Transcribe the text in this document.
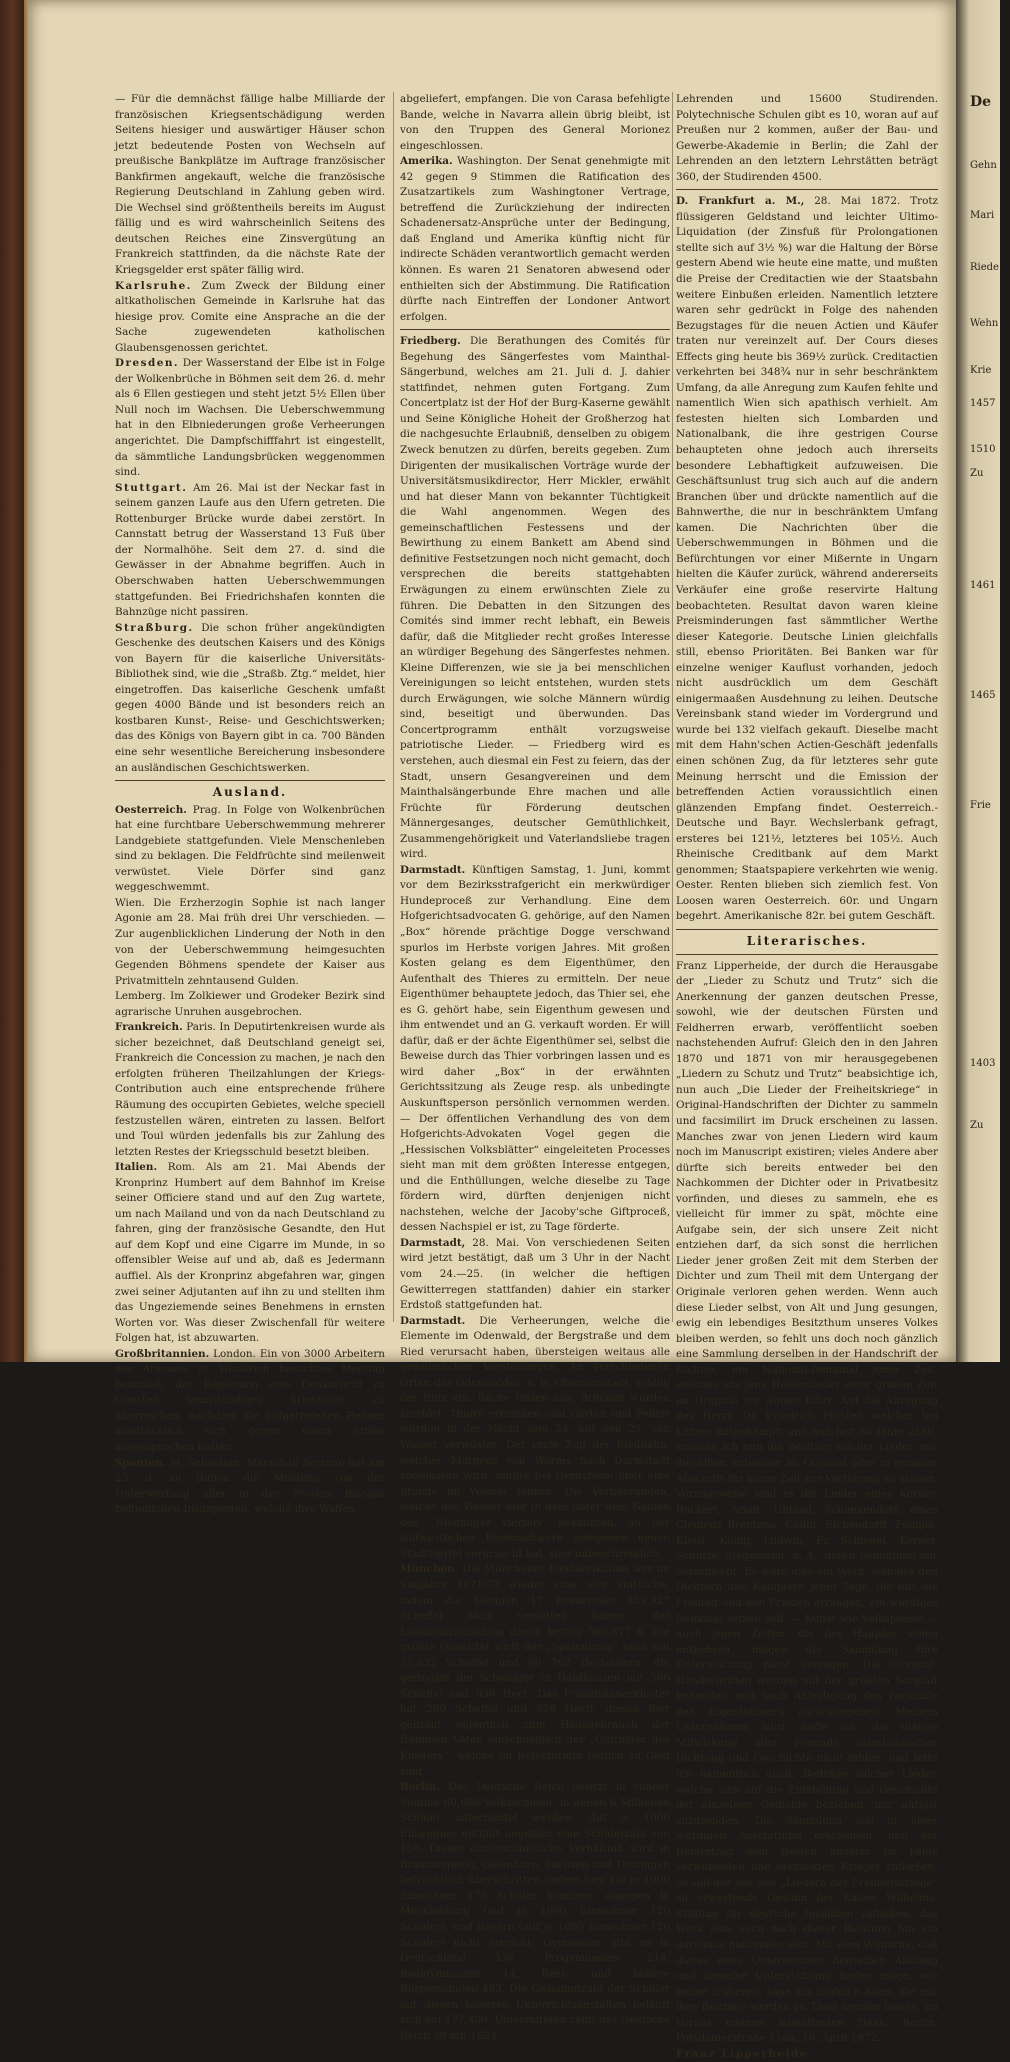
— Für die demnächst fällige halbe Milliarde der französischen Kriegsentschädigung werden Seitens hiesiger und auswärtiger Häuser schon jetzt bedeutende Posten von Wechseln auf preußische Bankplätze im Auftrage französischer Bankfirmen angekauft, welche die französische Regierung Deutschland in Zahlung geben wird. Die Wechsel sind größtentheils bereits im August fällig und es wird wahrscheinlich Seitens des deutschen Reiches eine Zinsvergütung an Frankreich stattfinden, da die nächste Rate der Kriegsgelder erst später fällig wird.

Karlsruhe. Zum Zweck der Bildung einer altkatholischen Gemeinde in Karlsruhe hat das hiesige prov. Comite eine Ansprache an die der Sache zugewendeten katholischen Glaubensgenossen gerichtet.

Dresden. Der Wasserstand der Elbe ist in Folge der Wolkenbrüche in Böhmen seit dem 26. d. mehr als 6 Ellen gestiegen und steht jetzt 5½ Ellen über Null noch im Wachsen. Die Ueberschwemmung hat in den Elbniederungen große Verheerungen angerichtet. Die Dampfschifffahrt ist eingestellt, da sämmtliche Landungsbrücken weggenommen sind.

Stuttgart. Am 26. Mai ist der Neckar fast in seinem ganzen Laufe aus den Ufern getreten. Die Rottenburger Brücke wurde dabei zerstört. In Cannstatt betrug der Wasserstand 13 Fuß über der Normalhöhe. Seit dem 27. d. sind die Gewässer in der Abnahme begriffen. Auch in Oberschwaben hatten Ueberschwemmungen stattgefunden. Bei Friedrichshafen konnten die Bahnzüge nicht passiren.

Straßburg. Die schon früher angekündigten Geschenke des deutschen Kaisers und des Königs von Bayern für die kaiserliche Universitäts-Bibliothek sind, wie die „Straßb. Ztg.“ meldet, hier eingetroffen. Das kaiserliche Geschenk umfaßt gegen 4000 Bände und ist besonders reich an kostbaren Kunst-, Reise- und Geschichtswerken; das des Königs von Bayern gibt in ca. 700 Bänden eine sehr wesentliche Bereicherung insbesondere an ausländischen Geschichtswerken.

Ausland.

Oesterreich. Prag. In Folge von Wolkenbrüchen hat eine furchtbare Ueberschwemmung mehrerer Landgebiete stattgefunden. Viele Menschenleben sind zu beklagen. Die Feldfrüchte sind meilenweit verwüstet. Viele Dörfer sind ganz weggeschwemmt.

Wien. Die Erzherzogin Sophie ist nach langer Agonie am 28. Mai früh drei Uhr verschieden. — Zur augenblicklichen Linderung der Noth in den von der Ueberschwemmung heimgesuchten Gegenden Böhmens spendete der Kaiser aus Privatmitteln zehntausend Gulden.

Lemberg. Im Zolkiewer und Grodeker Bezirk sind agrarische Unruhen ausgebrochen.

Frankreich. Paris. In Deputirtenkreisen wurde als sicher bezeichnet, daß Deutschland geneigt sei, Frankreich die Concession zu machen, je nach den erfolgten früheren Theilzahlungen der Kriegs-Contribution auch eine entsprechende frühere Räumung des occupirten Gebietes, welche speciell festzustellen wären, eintreten zu lassen. Belfort und Toul würden jedenfalls bis zur Zahlung des letzten Restes der Kriegsschuld besetzt bleiben.

Italien. Rom. Als am 21. Mai Abends der Kronprinz Humbert auf dem Bahnhof im Kreise seiner Officiere stand und auf den Zug wartete, um nach Mailand und von da nach Deutschland zu fahren, ging der französische Gesandte, den Hut auf dem Kopf und eine Cigarre im Munde, in so offensibler Weise auf und ab, daß es Jedermann auffiel. Als der Kronprinz abgefahren war, gingen zwei seiner Adjutanten auf ihn zu und stellten ihm das Ungeziemende seines Benehmens in ernsten Worten vor. Was dieser Zwischenfall für weitere Folgen hat, ist abzuwarten.

Großbritannien. London. Ein von 3000 Arbeitern des Arsenals zu Woolwich besuchtes Meeting beschloß, der Regierung eine Denkschrift zu Gunsten neunstündiger Arbeitszeit zu überreichen, nachdem die aufgetretenen Redner ausdrücklich sich gegen einen Strike ausgesprochen hatten.

Spanien. St. Sebastian. Marschall Serrano hat am 25. d. zu Bilboa die Meldung von der Unterwerfung aller in der Provinz Biscaya befindlichen Insurgenten, welche ihre Waffen

abgeliefert, empfangen. Die von Carasa befehligte Bande, welche in Navarra allein übrig bleibt, ist von den Truppen des General Morionez eingeschlossen.

Amerika. Washington. Der Senat genehmigte mit 42 gegen 9 Stimmen die Ratification des Zusatzartikels zum Washingtoner Vertrage, betreffend die Zurückziehung der indirecten Schadenersatz-Ansprüche unter der Bedingung, daß England und Amerika künftig nicht für indirecte Schäden verantwortlich gemacht werden können. Es waren 21 Senatoren abwesend oder enthielten sich der Abstimmung. Die Ratification dürfte nach Eintreffen der Londoner Antwort erfolgen.

Friedberg. Die Berathungen des Comités für Begehung des Sängerfestes vom Mainthal-Sängerbund, welches am 21. Juli d. J. dahier stattfindet, nehmen guten Fortgang. Zum Concertplatz ist der Hof der Burg-Kaserne gewählt und Seine Königliche Hoheit der Großherzog hat die nachgesuchte Erlaubniß, denselben zu obigem Zweck benutzen zu dürfen, bereits gegeben. Zum Dirigenten der musikalischen Vorträge wurde der Universitätsmusikdirector, Herr Mickler, erwählt und hat dieser Mann von bekannter Tüchtigkeit die Wahl angenommen. Wegen des gemeinschaftlichen Festessens und der Bewirthung zu einem Bankett am Abend sind definitive Festsetzungen noch nicht gemacht, doch versprechen die bereits stattgehabten Erwägungen zu einem erwünschten Ziele zu führen. Die Debatten in den Sitzungen des Comités sind immer recht lebhaft, ein Beweis dafür, daß die Mitglieder recht großes Interesse an würdiger Begehung des Sängerfestes nehmen. Kleine Differenzen, wie sie ja bei menschlichen Vereinigungen so leicht entstehen, wurden stets durch Erwägungen, wie solche Männern würdig sind, beseitigt und überwunden. Das Concertprogramm enthält vorzugsweise patriotische Lieder. — Friedberg wird es verstehen, auch diesmal ein Fest zu feiern, das der Stadt, unsern Gesangvereinen und dem Mainthalsängerbunde Ehre machen und alle Früchte für Förderung deutschen Männergesanges, deutscher Gemüthlichkeit, Zusammengehörigkeit und Vaterlandsliebe tragen wird.

Darmstadt. Künftigen Samstag, 1. Juni, kommt vor dem Bezirksstrafgericht ein merkwürdiger Hundeproceß zur Verhandlung. Eine dem Hofgerichtsadvocaten G. gehörige, auf den Namen „Box“ hörende prächtige Dogge verschwand spurlos im Herbste vorigen Jahres. Mit großen Kosten gelang es dem Eigenthümer, den Aufenthalt des Thieres zu ermitteln. Der neue Eigenthümer behauptete jedoch, das Thier sei, ehe es G. gehört habe, sein Eigenthum gewesen und ihm entwendet und an G. verkauft worden. Er will dafür, daß er der ächte Eigenthümer sei, selbst die Beweise durch das Thier vorbringen lassen und es wird daher „Box“ in der erwähnten Gerichtssitzung als Zeuge resp. als unbedingte Auskunftsperson persönlich vernommen werden. — Der öffentlichen Verhandlung des von dem Hofgerichts-Advokaten Vogel gegen die „Hessischen Volksblätter“ eingeleiteten Processes sieht man mit dem größten Interesse entgegen, und die Enthüllungen, welche dieselbe zu Tage fördern wird, dürften denjenigen nicht nachstehen, welche der Jacoby'sche Giftproceß, dessen Nachspiel er ist, zu Tage förderte.

Darmstadt, 28. Mai. Von verschiedenen Seiten wird jetzt bestätigt, daß um 3 Uhr in der Nacht vom 24.—25. (in welcher die heftigen Gewitterregen stattfanden) dahier ein starker Erdstoß stattgefunden hat.

Darmstadt. Die Verheerungen, welche die Elemente im Odenwald, der Bergstraße und dem Ried verursacht haben, übersteigen weitaus alle gewöhnlichen Vorstellungen. An verschiedenen Orten des Odenwaldes, z. B. Oberramstadt, schlug der Blitz ein. Bäche traten aus, Brücken wurden zerstört. Thiere ertranken und Gärten und Felder wurden in der Nacht vom 24. auf den 25. von Wasser verwüstet. Der erste Zug der Riedbahn, welcher Morgens von Worms nach Darmstadt abgelassen wird, mußte bei Gernsheim über eine Stunde im Wasser fahren. Die Verheerungen, welche das Wasser hier in dem unter dem Namen des „Niedunger viertels“ bekannten, an der südwestlichen Bodenschwere gelegenen neuen Stadtviertel verursacht hat, sind unbeschreiblich.

München. Die Münchener Bierfabrikation war im Sudjahre 1871/72 wieder eine sehr stattliche, indem die hiesigen 17 Brauereien 289,927 Scheffel Malz versotten haben; der Lokalmalzaufschlag davon betrug 560,877 fl. Die größte Quantität wirft der „Spatenbräu“ nach mit 31,832 Scheffel und 60 762 Hectolitern, die geringste die Schwaiger in Haidhausen mit 506 Scheffel und 636 Hect. Das Franziskanerkloster hat 260 Scheffel und 358 Hectl. dieses Bier gebraut eigentlich zum Hausgebrauch der frommen Väter, einschließlich der „Gutthäter des Klosters“, welche im Refectorium täglich zu Gast sind.

Berlin. Das Deutsche Reich besitzt in runder Summe 60,000 Volksschulen, in denen 6 Millionen Schüler unterrichtet werden. Auf je 1000 Einwohner entfällt ungefähr eine Schülerzahl von 150. Dieses durchschnittliche Verhältniß wird in Braunschweig, Oldenburg, Sachsen und Thüringen beträchtlich überschritten, indem hier auf je 1000 Einwohner 175 Schüler kommen; dagegen in Mecklenburg (auf je 1000 Einwohner 120 Schüler), und Bayern (auf je 1000 Einwohner 126 Schüler) nicht erreicht. Gymnasien gibt es in Deutschland 330, Progymnasien 214, Realgymnasien 14, Real- und höhere Bürgerschulen 483. Die Gesammtzahl der Schüler auf diesen höheren Unterrichtsanstalten beläuft sich auf 177,400. Universitäten zählt das Deutsche Reich 20 mit 1624

Lehrenden und 15600 Studirenden. Polytechnische Schulen gibt es 10, woran auf auf Preußen nur 2 kommen, außer der Bau- und Gewerbe-Akademie in Berlin; die Zahl der Lehrenden an den letztern Lehrstätten beträgt 360, der Studirenden 4500.

D. Frankfurt a. M., 28. Mai 1872. Trotz flüssigeren Geldstand und leichter Ultimo-Liquidation (der Zinsfuß für Prolongationen stellte sich auf 3½ %) war die Haltung der Börse gestern Abend wie heute eine matte, und mußten die Preise der Creditactien wie der Staatsbahn weitere Einbußen erleiden. Namentlich letztere waren sehr gedrückt in Folge des nahenden Bezugstages für die neuen Actien und Käufer traten nur vereinzelt auf. Der Cours dieses Effects ging heute bis 369½ zurück. Creditactien verkehrten bei 348¾ nur in sehr beschränktem Umfang, da alle Anregung zum Kaufen fehlte und namentlich Wien sich apathisch verhielt. Am festesten hielten sich Lombarden und Nationalbank, die ihre gestrigen Course behaupteten ohne jedoch auch ihrerseits besondere Lebhaftigkeit aufzuweisen. Die Geschäftsunlust trug sich auch auf die andern Branchen über und drückte namentlich auf die Bahnwerthe, die nur in beschränktem Umfang kamen. Die Nachrichten über die Ueberschwemmungen in Böhmen und die Befürchtungen vor einer Mißernte in Ungarn hielten die Käufer zurück, während andererseits Verkäufer eine große reservirte Haltung beobachteten. Resultat davon waren kleine Preisminderungen fast sämmtlicher Werthe dieser Kategorie. Deutsche Linien gleichfalls still, ebenso Prioritäten. Bei Banken war für einzelne weniger Kauflust vorhanden, jedoch nicht ausdrücklich um dem Geschäft einigermaaßen Ausdehnung zu leihen. Deutsche Vereinsbank stand wieder im Vordergrund und wurde bei 132 vielfach gekauft. Dieselbe macht mit dem Hahn'schen Actien-Geschäft jedenfalls einen schönen Zug, da für letzteres sehr gute Meinung herrscht und die Emission der betreffenden Actien voraussichtlich einen glänzenden Empfang findet. Oesterreich.-Deutsche und Bayr. Wechslerbank gefragt, ersteres bei 121½, letzteres bei 105½. Auch Rheinische Creditbank auf dem Markt genommen; Staatspapiere verkehrten wie wenig. Oester. Renten blieben sich ziemlich fest. Von Loosen waren Oesterreich. 60r. und Ungarn begehrt. Amerikanische 82r. bei gutem Geschäft.

Literarisches.

Franz Lipperheide, der durch die Herausgabe der „Lieder zu Schutz und Trutz“ sich die Anerkennung der ganzen deutschen Presse, sowohl, wie der deutschen Fürsten und Feldherren erwarb, veröffentlicht soeben nachstehenden Aufruf: Gleich den in den Jahren 1870 und 1871 von mir herausgegebenen „Liedern zu Schutz und Trutz“ beabsichtige ich, nun auch „Die Lieder der Freiheitskriege“ in Original-Handschriften der Dichter zu sammeln und facsimilirt im Druck erscheinen zu lassen. Manches zwar von jenen Liedern wird kaum noch im Manuscript existiren; vieles Andere aber dürfte sich bereits entweder bei den Nachkommen der Dichter oder in Privatbesitz vorfinden, und dieses zu sammeln, ehe es vielleicht für immer zu spät, möchte eine Aufgabe sein, der sich unsere Zeit nicht entziehen darf, da sich sonst die herrlichen Lieder jener großen Zeit mit dem Sterben der Dichter und zum Theil mit dem Untergang der Originale verloren gehen werden. Wenn auch diese Lieder selbst, von Alt und Jung gesungen, ewig ein lebendiges Besitzthum unseres Volkes bleiben werden, so fehlt uns doch noch gänzlich eine Sammlung derselben in der Handschrift der Dichter, ein National-Denkmal jener Zeit, welches uns jene Heldenlieder einer großen Zeit im Original vor Augen führt. Auf die Anregung des Herrn Dr. Friedrich Förster, welcher bei Lützen mitgekämpft und nun fast 80 Jahre zählt, ersuche ich nun die Besitzer solcher Lieder, mir dieselben entweder im Original oder in genauer Abschrift für kurze Zeit zur Verfügung zu stellen. Vorzugsweise sind es die Lieder eines Körner, Rückert, Arndt, Uhland, Schenkendorf, eines Clemens Brentano, Collin, Eichendorff, Fouqué, Kleist, König, Ludwig, Fr. Schlegel, Kerner, Schulze, Stägemann, u. A., deren Sammlung mir vorschwebt. Es wäre dies ein Werk, welches den Dichtern und Kämpfern jener Tage, die uns die Freiheit und den Frieden errangen, ein würdiges Denkmal setzen soll. — Kunst wie Volkspoesie — auch jenen Zeiten, die des Hauptes schon entbehren, mögen der Sammlung Ihre Unterstützung nicht versagen. Die Original-Handschriften werden mit der größten Sorgfalt behandelt und nach Anfertigung des Facsimile den Eigenthümern zurückgegeben. Meinem Unternehmen wird, hoffe ich, die thätige Mitwirkung aller Freunde vaterländischer Dichtung und Geschichte nicht fehlen, und bitte ich namentlich auch, Beiträge solcher Lieder, welche sich auf die Entstehung und Geschichte der einzelnen Gedichte beziehen, mir gütigst zuzusenden. Die Sammlung soll in einer würdigen Ausstattung erscheinen, und der Reinertrag dem Besten unserer im Felde verwundeten und erkrankten Krieger zufließen; so soll der aus den „Liedern der Freiheitskriege“ zu erwartende Gewinn der Kaiser Wilhelms-Stiftung für deutsche Invaliden zufließen, das Werk also auch nach dieser Richtung hin ein durchaus nationales sein. Mit dem Wunsche, daß dieses neue Unternehmen denselben Anklang und dieselbe Unterstützung finden möge, wie meine früheren, sage ich zugleich Allen, die mir ihre Beiträge werden zu Theil werden lassen, im Voraus meinen lebhaftesten Dank. Berlin, Potsdamerstraße 116a, 10. April 1872.

Franz Lipperheide.

De
Gehn
Mari
Riede
Wehn
Krie
1457
1510
Zu
1461
1465
Frie
1403
Zu
